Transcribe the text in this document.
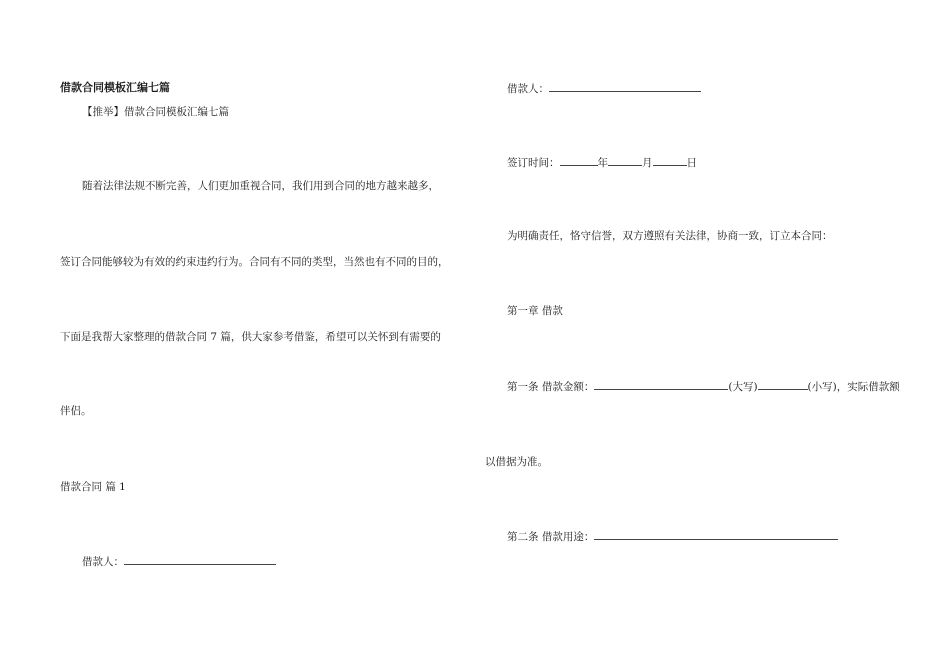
借款合同模板汇编七篇
【推举】借款合同模板汇编七篇
随着法律法规不断完善，人们更加重视合同，我们用到合同的地方越来越多，
签订合同能够较为有效的约束违约行为。合同有不同的类型，当然也有不同的目的，
下面是我帮大家整理的借款合同 7 篇，供大家参考借鉴，希望可以关怀到有需要的
伴侣。
借款合同 篇 1
借款人：
借款人：
签订时间：	年	月	日
为明确责任，恪守信誉，双方遵照有关法律，协商一致，订立本合同：
第一章 借款
第一条 借款金额：	(大写)	(小写)，实际借款额
以借据为准。
第二条 借款用途：
